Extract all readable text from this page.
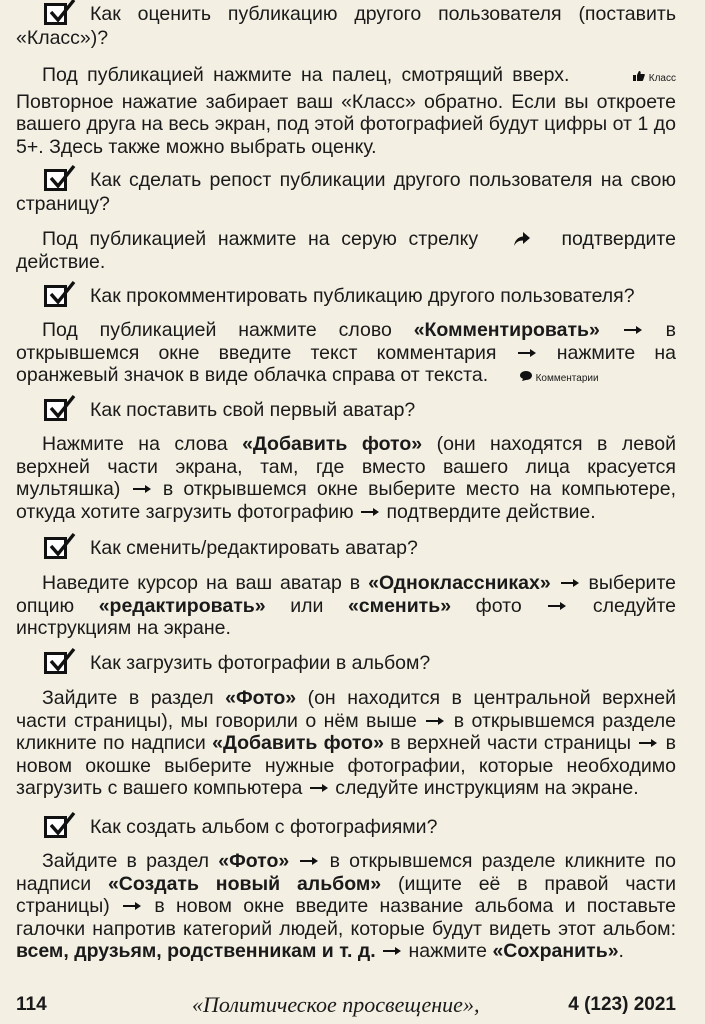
Как оценить публикацию другого пользователя (поставить «Класс»)?

Под публикацией нажмите на палец, смотрящий вверх.	Класс Повторное нажатие забирает ваш «Класс» обратно. Если вы откроете вашего друга на весь экран, под этой фотографией будут цифры от 1 до 5+. Здесь также можно выбрать оценку.

Как сделать репост публикации другого пользователя на свою страницу?

Под публикацией нажмите на серую стрелку	подтвердите действие.

Как прокомментировать публикацию другого пользователя?

Под публикацией нажмите слово «Комментировать»	в открывшемся окне введите текст комментария	нажмите на оранжевый значок в виде облачка справа от текста.	Комментарии

Как поставить свой первый аватар?

Нажмите на слова «Добавить фото» (они находятся в левой верхней части экрана, там, где вместо вашего лица красуется мультяшка) в открывшемся окне выберите место на компьютере, откуда хотите загрузить фотографию подтвердите действие.

Как сменить/редактировать аватар?

Наведите курсор на ваш аватар в «Одноклассниках» выберите опцию «редактировать» или «сменить» фото	следуйте инструкциям на экране.

Как загрузить фотографии в альбом?

Зайдите в раздел «Фото» (он находится в центральной верхней части страницы), мы говорили о нём выше в открывшемся разделе кликните по надписи «Добавить фото» в верхней части страницы в новом окошке выберите нужные фотографии, которые необходимо загрузить с вашего компьютера следуйте инструкциям на экране.

Как создать альбом с фотографиями?

Зайдите в раздел «Фото» в открывшемся разделе кликните по надписи «Создать новый альбом» (ищите её в правой части страницы) в новом окне введите название альбома и поставьте галочки напротив категорий людей, которые будут видеть этот альбом: всем, друзьям, родственникам и т. д. нажмите «Сохранить».

114	«Политическое просвещение»,	4 (123) 2021
